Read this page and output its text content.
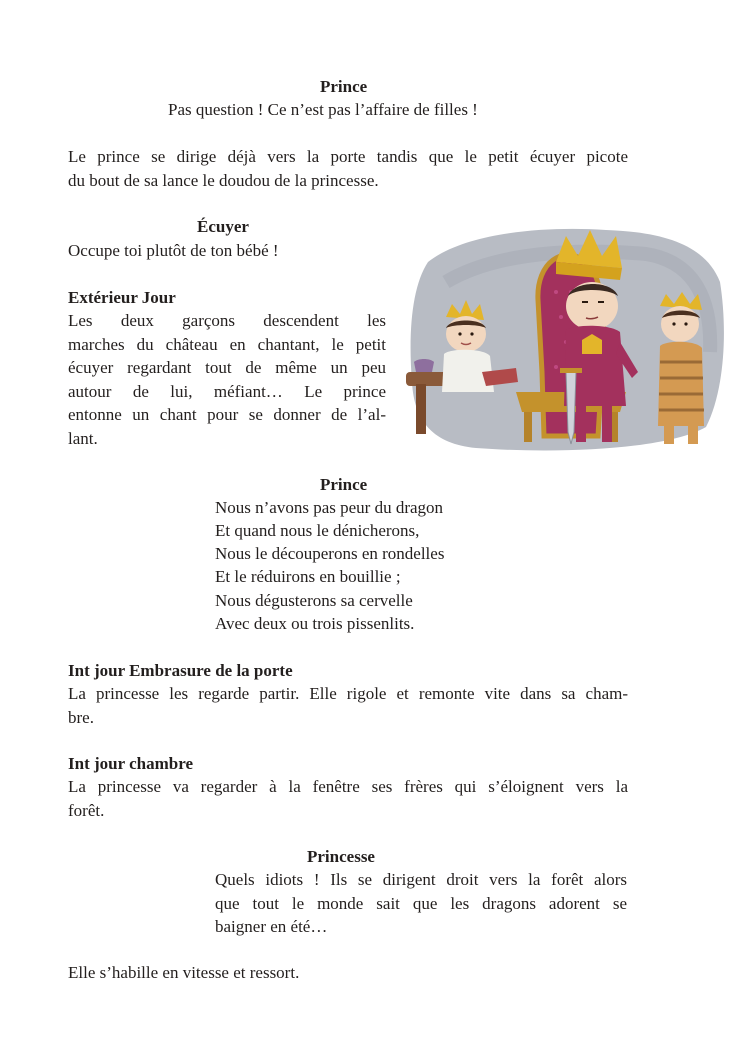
Prince
Pas question ! Ce n’est pas l’affaire de filles !
Le prince se dirige déjà vers la porte tandis que le petit écuyer picote
du bout de sa lance le doudou de la princesse.
Écuyer
Occupe toi plutôt de ton bébé !
Extérieur Jour
Les deux garçons descendent les
marches du château en chantant, le petit
écuyer regardant tout de même un peu
autour de lui, méfiant… Le prince
entonne un chant pour se donner de l’al-
lant.
Prince
Nous n’avons pas peur du dragon
Et quand nous le dénicherons,
Nous le découperons en rondelles
Et le réduirons en bouillie ;
Nous dégusterons sa cervelle
Avec deux ou trois pissenlits.
Int jour Embrasure de la porte
La princesse les regarde partir. Elle rigole et remonte vite dans sa cham-
bre.
Int jour chambre
La princesse va regarder à la fenêtre ses frères qui s’éloignent vers la
forêt.
Princesse
Quels idiots ! Ils se dirigent droit vers la forêt alors
que tout le monde sait que les dragons adorent se
baigner en été…
Elle s’habille en vitesse et ressort.
